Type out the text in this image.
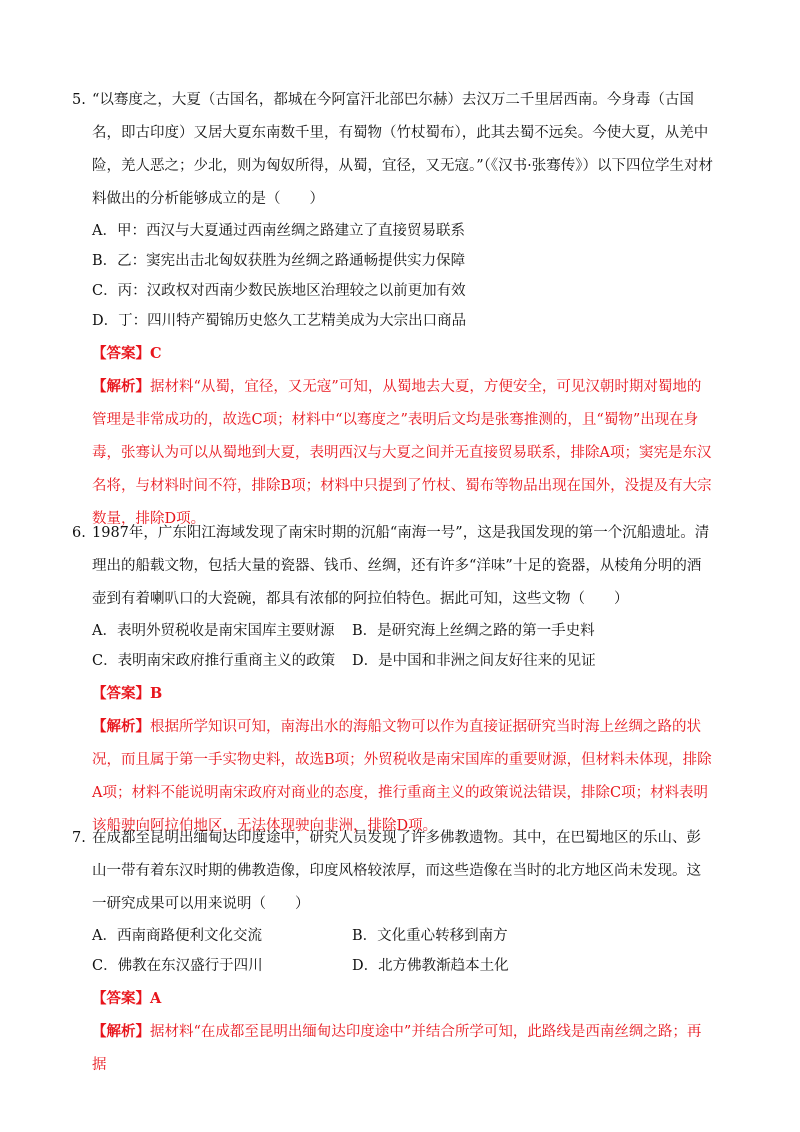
5. “以骞度之，大夏（古国名，都城在今阿富汗北部巴尔赫）去汉万二千里居西南。今身毒（古国名，即古印度）又居大夏东南数千里，有蜀物（竹杖蜀布），此其去蜀不远矣。今使大夏，从羌中险，羌人恶之；少北，则为匈奴所得，从蜀，宜径，又无寇。”（《汉书·张骞传》）以下四位学生对材料做出的分析能够成立的是（　　）

A．甲：西汉与大夏通过西南丝绸之路建立了直接贸易联系

B．乙：窦宪出击北匈奴获胜为丝绸之路通畅提供实力保障

C．丙：汉政权对西南少数民族地区治理较之以前更加有效

D．丁：四川特产蜀锦历史悠久工艺精美成为大宗出口商品

【答案】C

【解析】据材料“从蜀，宜径，又无寇”可知，从蜀地去大夏，方便安全，可见汉朝时期对蜀地的管理是非常成功的，故选C项；材料中“以骞度之”表明后文均是张骞推测的，且“蜀物”出现在身毒，张骞认为可以从蜀地到大夏，表明西汉与大夏之间并无直接贸易联系，排除A项；窦宪是东汉名将，与材料时间不符，排除B项；材料中只提到了竹杖、蜀布等物品出现在国外，没提及有大宗数量，排除D项。

6. 1987年，广东阳江海域发现了南宋时期的沉船“南海一号”，这是我国发现的第一个沉船遗址。清理出的船载文物，包括大量的瓷器、钱币、丝绸，还有许多“洋味”十足的瓷器，从棱角分明的酒壶到有着喇叭口的大瓷碗，都具有浓郁的阿拉伯特色。据此可知，这些文物（　　）

A．表明外贸税收是南宋国库主要财源	B．是研究海上丝绸之路的第一手史料
C．表明南宋政府推行重商主义的政策	D．是中国和非洲之间友好往来的见证

【答案】B

【解析】根据所学知识可知，南海出水的海船文物可以作为直接证据研究当时海上丝绸之路的状况，而且属于第一手实物史料，故选B项；外贸税收是南宋国库的重要财源，但材料未体现，排除A项；材料不能说明南宋政府对商业的态度，推行重商主义的政策说法错误，排除C项；材料表明该船驶向阿拉伯地区，无法体现驶向非洲，排除D项。

7. 在成都至昆明出缅甸达印度途中，研究人员发现了许多佛教遗物。其中，在巴蜀地区的乐山、彭山一带有着东汉时期的佛教造像，印度风格较浓厚，而这些造像在当时的北方地区尚未发现。这一研究成果可以用来说明（　　）

A．西南商路便利文化交流	B．文化重心转移到南方
C．佛教在东汉盛行于四川	D．北方佛教渐趋本土化

【答案】A

【解析】据材料“在成都至昆明出缅甸达印度途中”并结合所学可知，此路线是西南丝绸之路；再据
